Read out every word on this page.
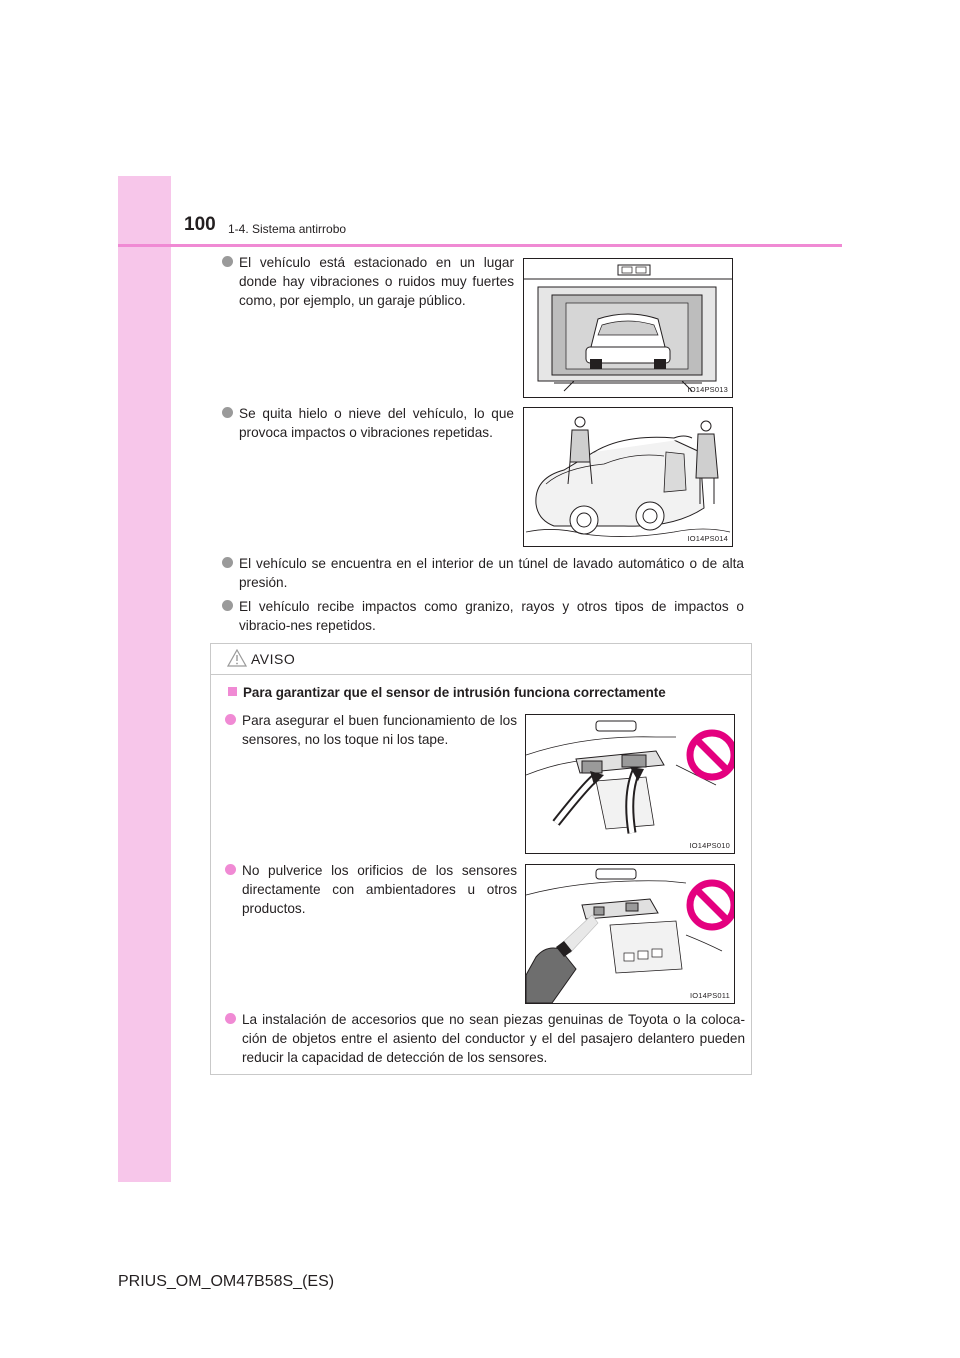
100 1-4. Sistema antirrobo
El vehículo está estacionado en un lugar donde hay vibraciones o ruidos muy fuertes como, por ejemplo, un garaje público.
IO14PS013
Se quita hielo o nieve del vehículo, lo que provoca impactos o vibraciones repetidas.
IO14PS014
El vehículo se encuentra en el interior de un túnel de lavado automático o de alta presión.
El vehículo recibe impactos como granizo, rayos y otros tipos de impactos o vibracio-nes repetidos.
AVISO
Para garantizar que el sensor de intrusión funciona correctamente
Para asegurar el buen funcionamiento de los sensores, no los toque ni los tape.
IO14PS010
No pulverice los orificios de los sensores directamente con ambientadores u otros productos.
IO14PS011
La instalación de accesorios que no sean piezas genuinas de Toyota o la coloca-ción de objetos entre el asiento del conductor y el del pasajero delantero pueden reducir la capacidad de detección de los sensores.
PRIUS_OM_OM47B58S_(ES)
